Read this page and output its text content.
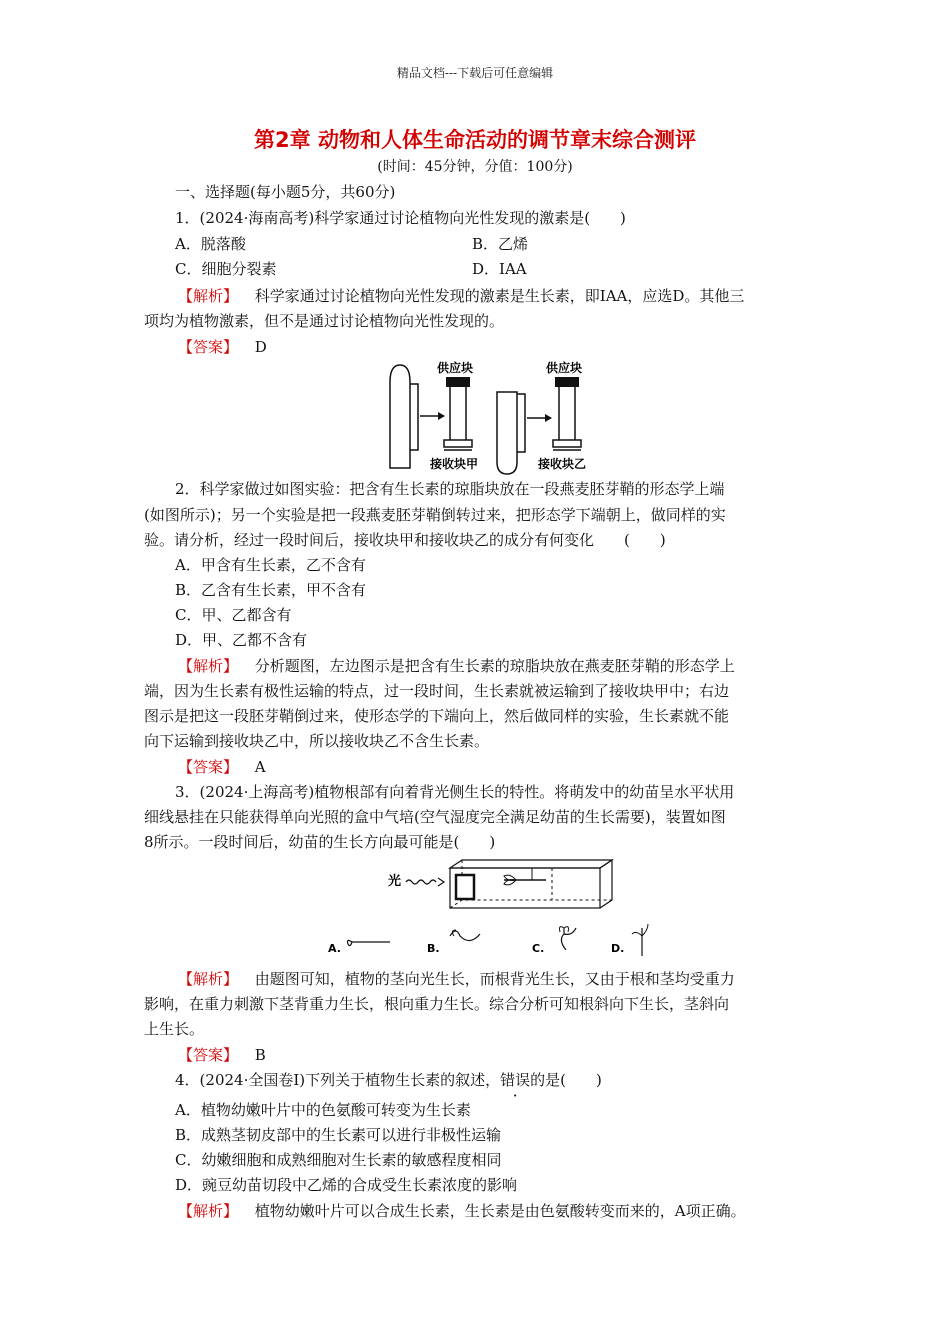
精品文档---下载后可任意编辑
第2章 动物和人体生命活动的调节章末综合测评
(时间：45分钟，分值：100分)
一、选择题(每小题5分，共60分)
1．(2024·海南高考)科学家通过讨论植物向光性发现的激素是(　　)
A．脱落酸	B．乙烯
C．细胞分裂素	D．IAA
【解析】 科学家通过讨论植物向光性发现的激素是生长素，即IAA，应选D。其他三
项均为植物激素，但不是通过讨论植物向光性发现的。
【答案】 D
供应块
接收块甲
供应块
接收块乙
2．科学家做过如图实验：把含有生长素的琼脂块放在一段燕麦胚芽鞘的形态学上端
(如图所示)；另一个实验是把一段燕麦胚芽鞘倒转过来，把形态学下端朝上，做同样的实
验。请分析，经过一段时间后，接收块甲和接收块乙的成分有何变化　　(　　)
A．甲含有生长素，乙不含有
B．乙含有生长素，甲不含有
C．甲、乙都含有
D．甲、乙都不含有
【解析】 分析题图，左边图示是把含有生长素的琼脂块放在燕麦胚芽鞘的形态学上
端，因为生长素有极性运输的特点，过一段时间，生长素就被运输到了接收块甲中；右边
图示是把这一段胚芽鞘倒过来，使形态学的下端向上，然后做同样的实验，生长素就不能
向下运输到接收块乙中，所以接收块乙不含生长素。
【答案】 A
3．(2024·上海高考)植物根部有向着背光侧生长的特性。将萌发中的幼苗呈水平状用
细线悬挂在只能获得单向光照的盒中气培(空气湿度完全满足幼苗的生长需要)，装置如图
8所示。一段时间后，幼苗的生长方向最可能是(　　)
光
A.	B.	C.	D.
【解析】 由题图可知，植物的茎向光生长，而根背光生长，又由于根和茎均受重力
影响，在重力刺激下茎背重力生长，根向重力生长。综合分析可知根斜向下生长，茎斜向
上生长。
【答案】 B
4．(2024·全国卷Ⅰ)下列关于植物生长素的叙述，错误的是(　　)
A．植物幼嫩叶片中的色氨酸可转变为生长素
B．成熟茎韧皮部中的生长素可以进行非极性运输
C．幼嫩细胞和成熟细胞对生长素的敏感程度相同
D．豌豆幼苗切段中乙烯的合成受生长素浓度的影响
【解析】 植物幼嫩叶片可以合成生长素，生长素是由色氨酸转变而来的，A项正确。
